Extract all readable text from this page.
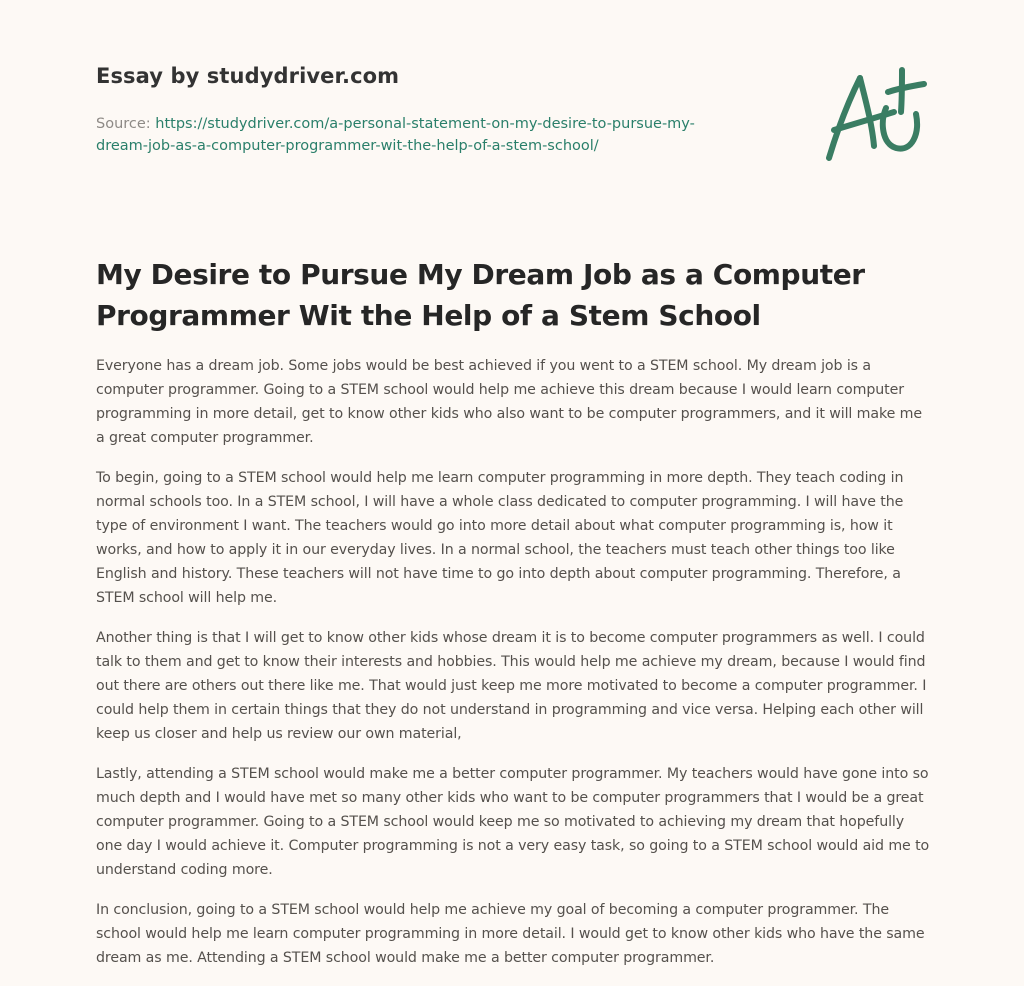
Essay by studydriver.com

Source: https://studydriver.com/a-personal-statement-on-my-desire-to-pursue-my-
dream-job-as-a-computer-programmer-wit-the-help-of-a-stem-school/

My Desire to Pursue My Dream Job as a Computer Programmer Wit the Help of a Stem School

Everyone has a dream job. Some jobs would be best achieved if you went to a STEM school. My dream job is a computer programmer. Going to a STEM school would help me achieve this dream because I would learn computer programming in more detail, get to know other kids who also want to be computer programmers, and it will make me a great computer programmer.

To begin, going to a STEM school would help me learn computer programming in more depth. They teach coding in normal schools too. In a STEM school, I will have a whole class dedicated to computer programming. I will have the type of environment I want. The teachers would go into more detail about what computer programming is, how it works, and how to apply it in our everyday lives. In a normal school, the teachers must teach other things too like English and history. These teachers will not have time to go into depth about computer programming. Therefore, a STEM school will help me.

Another thing is that I will get to know other kids whose dream it is to become computer programmers as well. I could talk to them and get to know their interests and hobbies. This would help me achieve my dream, because I would find out there are others out there like me. That would just keep me more motivated to become a computer programmer. I could help them in certain things that they do not understand in programming and vice versa. Helping each other will keep us closer and help us review our own material,

Lastly, attending a STEM school would make me a better computer programmer. My teachers would have gone into so much depth and I would have met so many other kids who want to be computer programmers that I would be a great computer programmer. Going to a STEM school would keep me so motivated to achieving my dream that hopefully one day I would achieve it. Computer programming is not a very easy task, so going to a STEM school would aid me to understand coding more.

In conclusion, going to a STEM school would help me achieve my goal of becoming a computer programmer. The school would help me learn computer programming in more detail. I would get to know other kids who have the same dream as me. Attending a STEM school would make me a better computer programmer.
